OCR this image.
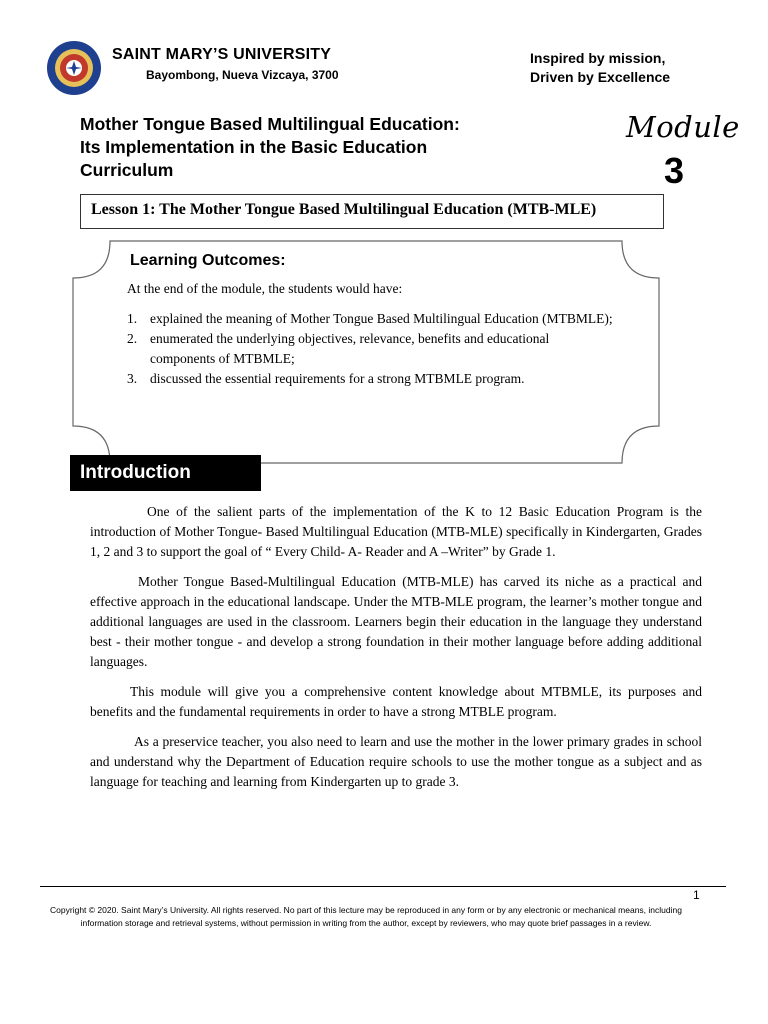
SAINT MARY’S UNIVERSITY
Bayombong, Nueva Vizcaya, 3700
Inspired by mission,
Driven by Excellence
Mother Tongue Based Multilingual Education:
Its Implementation in the Basic Education
Curriculum
Module
3
Lesson 1: The Mother Tongue Based Multilingual Education (MTB-MLE)
Learning Outcomes:
At the end of the module, the students would have:
1. explained the meaning of Mother Tongue Based Multilingual Education (MTBMLE);
2. enumerated the underlying objectives, relevance, benefits and educational components of MTBMLE;
3. discussed the essential requirements for a strong MTBMLE program.
Introduction

One of the salient parts of the implementation of the K to 12 Basic Education Program is the introduction of Mother Tongue- Based Multilingual Education (MTB-MLE) specifically in Kindergarten, Grades 1, 2 and 3 to support the goal of “ Every Child- A- Reader and A –Writer” by Grade 1.

Mother Tongue Based-Multilingual Education (MTB-MLE) has carved its niche as a practical and effective approach in the educational landscape. Under the MTB-MLE program, the learner’s mother tongue and additional languages are used in the classroom. Learners begin their education in the language they understand best - their mother tongue - and develop a strong foundation in their mother language before adding additional languages.

This module will give you a comprehensive content knowledge about MTBMLE, its purposes and benefits and the fundamental requirements in order to have a strong MTBLE program.

As a preservice teacher, you also need to learn and use the mother in the lower primary grades in school and understand why the Department of Education require schools to use the mother tongue as a subject and as language for teaching and learning from Kindergarten up to grade 3.

1
Copyright © 2020. Saint Mary’s University. All rights reserved. No part of this lecture may be reproduced in any form or by any electronic or mechanical means, including
information storage and retrieval systems, without permission in writing from the author, except by reviewers, who may quote brief passages in a review.
